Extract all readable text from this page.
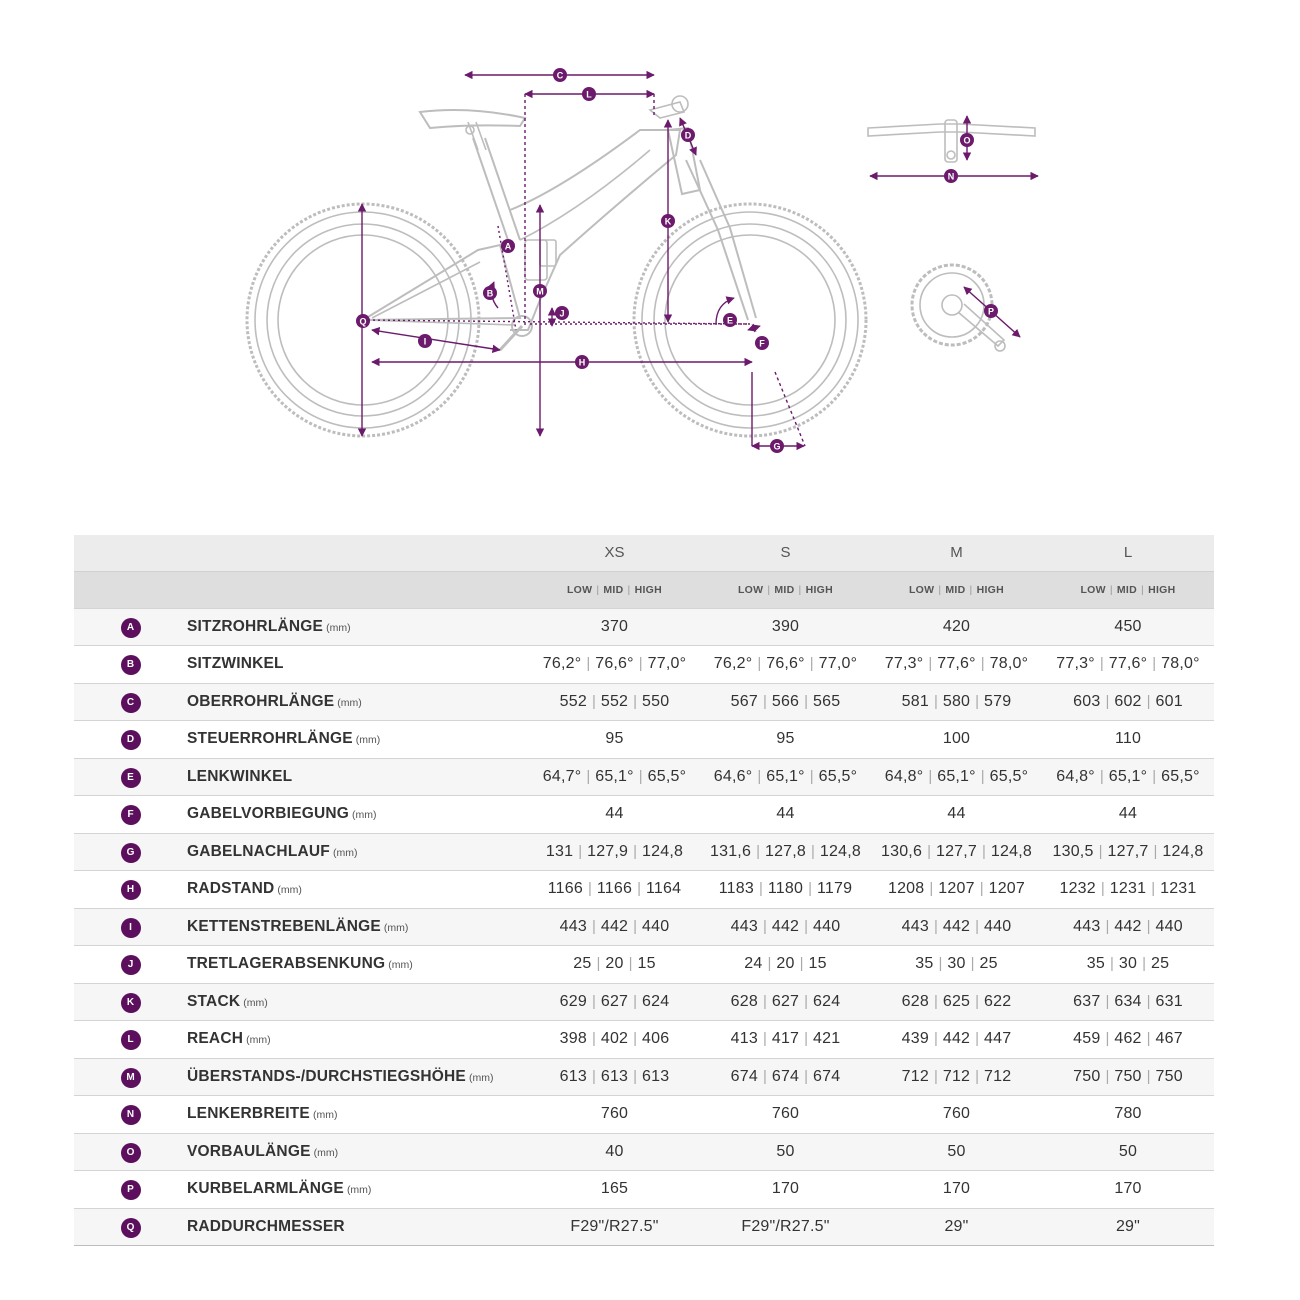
C
L
D
K
A
M
B
J
Q
I
E
F
H
G
O
N
P
		XS	S	M	L
		LOW | MID | HIGH	LOW | MID | HIGH	LOW | MID | HIGH	LOW | MID | HIGH
A	SITZROHRLÄNGE (mm)	370	390	420	450
B	SITZWINKEL	76,2° | 76,6° | 77,0°	76,2° | 76,6° | 77,0°	77,3° | 77,6° | 78,0°	77,3° | 77,6° | 78,0°
C	OBERROHRLÄNGE (mm)	552 | 552 | 550	567 | 566 | 565	581 | 580 | 579	603 | 602 | 601
D	STEUERROHRLÄNGE (mm)	95	95	100	110
E	LENKWINKEL	64,7° | 65,1° | 65,5°	64,6° | 65,1° | 65,5°	64,8° | 65,1° | 65,5°	64,8° | 65,1° | 65,5°
F	GABELVORBIEGUNG (mm)	44	44	44	44
G	GABELNACHLAUF (mm)	131 | 127,9 | 124,8	131,6 | 127,8 | 124,8	130,6 | 127,7 | 124,8	130,5 | 127,7 | 124,8
H	RADSTAND (mm)	1166 | 1166 | 1164	1183 | 1180 | 1179	1208 | 1207 | 1207	1232 | 1231 | 1231
I	KETTENSTREBENLÄNGE (mm)	443 | 442 | 440	443 | 442 | 440	443 | 442 | 440	443 | 442 | 440
J	TRETLAGERABSENKUNG (mm)	25 | 20 | 15	24 | 20 | 15	35 | 30 | 25	35 | 30 | 25
K	STACK (mm)	629 | 627 | 624	628 | 627 | 624	628 | 625 | 622	637 | 634 | 631
L	REACH (mm)	398 | 402 | 406	413 | 417 | 421	439 | 442 | 447	459 | 462 | 467
M	ÜBERSTANDS-/DURCHSTIEGSHÖHE (mm)	613 | 613 | 613	674 | 674 | 674	712 | 712 | 712	750 | 750 | 750
N	LENKERBREITE (mm)	760	760	760	780
O	VORBAULÄNGE (mm)	40	50	50	50
P	KURBELARMLÄNGE (mm)	165	170	170	170
Q	RADDURCHMESSER	F29"/R27.5"	F29"/R27.5"	29"	29"
